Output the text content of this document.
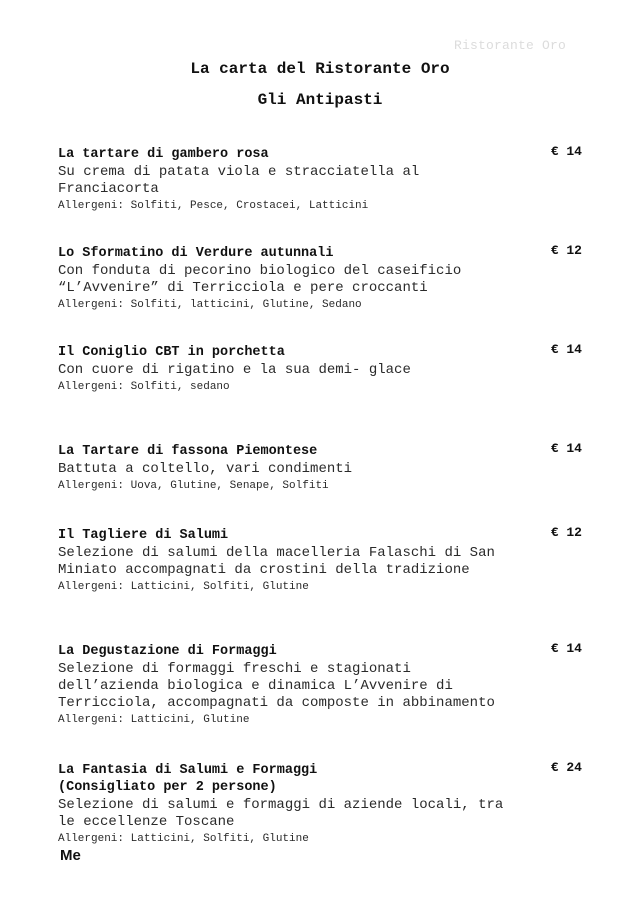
Ristorante Oro
La carta del Ristorante Oro
Gli Antipasti
La tartare di gambero rosa
Su crema di patata viola e stracciatella al
Franciacorta
Allergeni: Solfiti, Pesce, Crostacei, Latticini
€ 14
Lo Sformatino di Verdure autunnali
Con fonduta di pecorino biologico del caseificio
“L’Avvenire” di Terricciola e pere croccanti
Allergeni: Solfiti, latticini, Glutine, Sedano
€ 12
Il Coniglio CBT in porchetta
Con cuore di rigatino e la sua demi- glace
Allergeni: Solfiti, sedano
€ 14
La Tartare di fassona Piemontese
Battuta a coltello, vari condimenti
Allergeni: Uova, Glutine, Senape, Solfiti
€ 14
Il Tagliere di Salumi
Selezione di salumi della macelleria Falaschi di San
Miniato accompagnati da crostini della tradizione
Allergeni: Latticini, Solfiti, Glutine
€ 12
La Degustazione di Formaggi
Selezione di formaggi freschi e stagionati
dell’azienda biologica e dinamica L’Avvenire di
Terricciola, accompagnati da composte in abbinamento
Allergeni: Latticini, Glutine
€ 14
La Fantasia di Salumi e Formaggi
(Consigliato per 2 persone)
Selezione di salumi e formaggi di aziende locali, tra
le eccellenze Toscane
Allergeni: Latticini, Solfiti, Glutine
€ 24
Me
